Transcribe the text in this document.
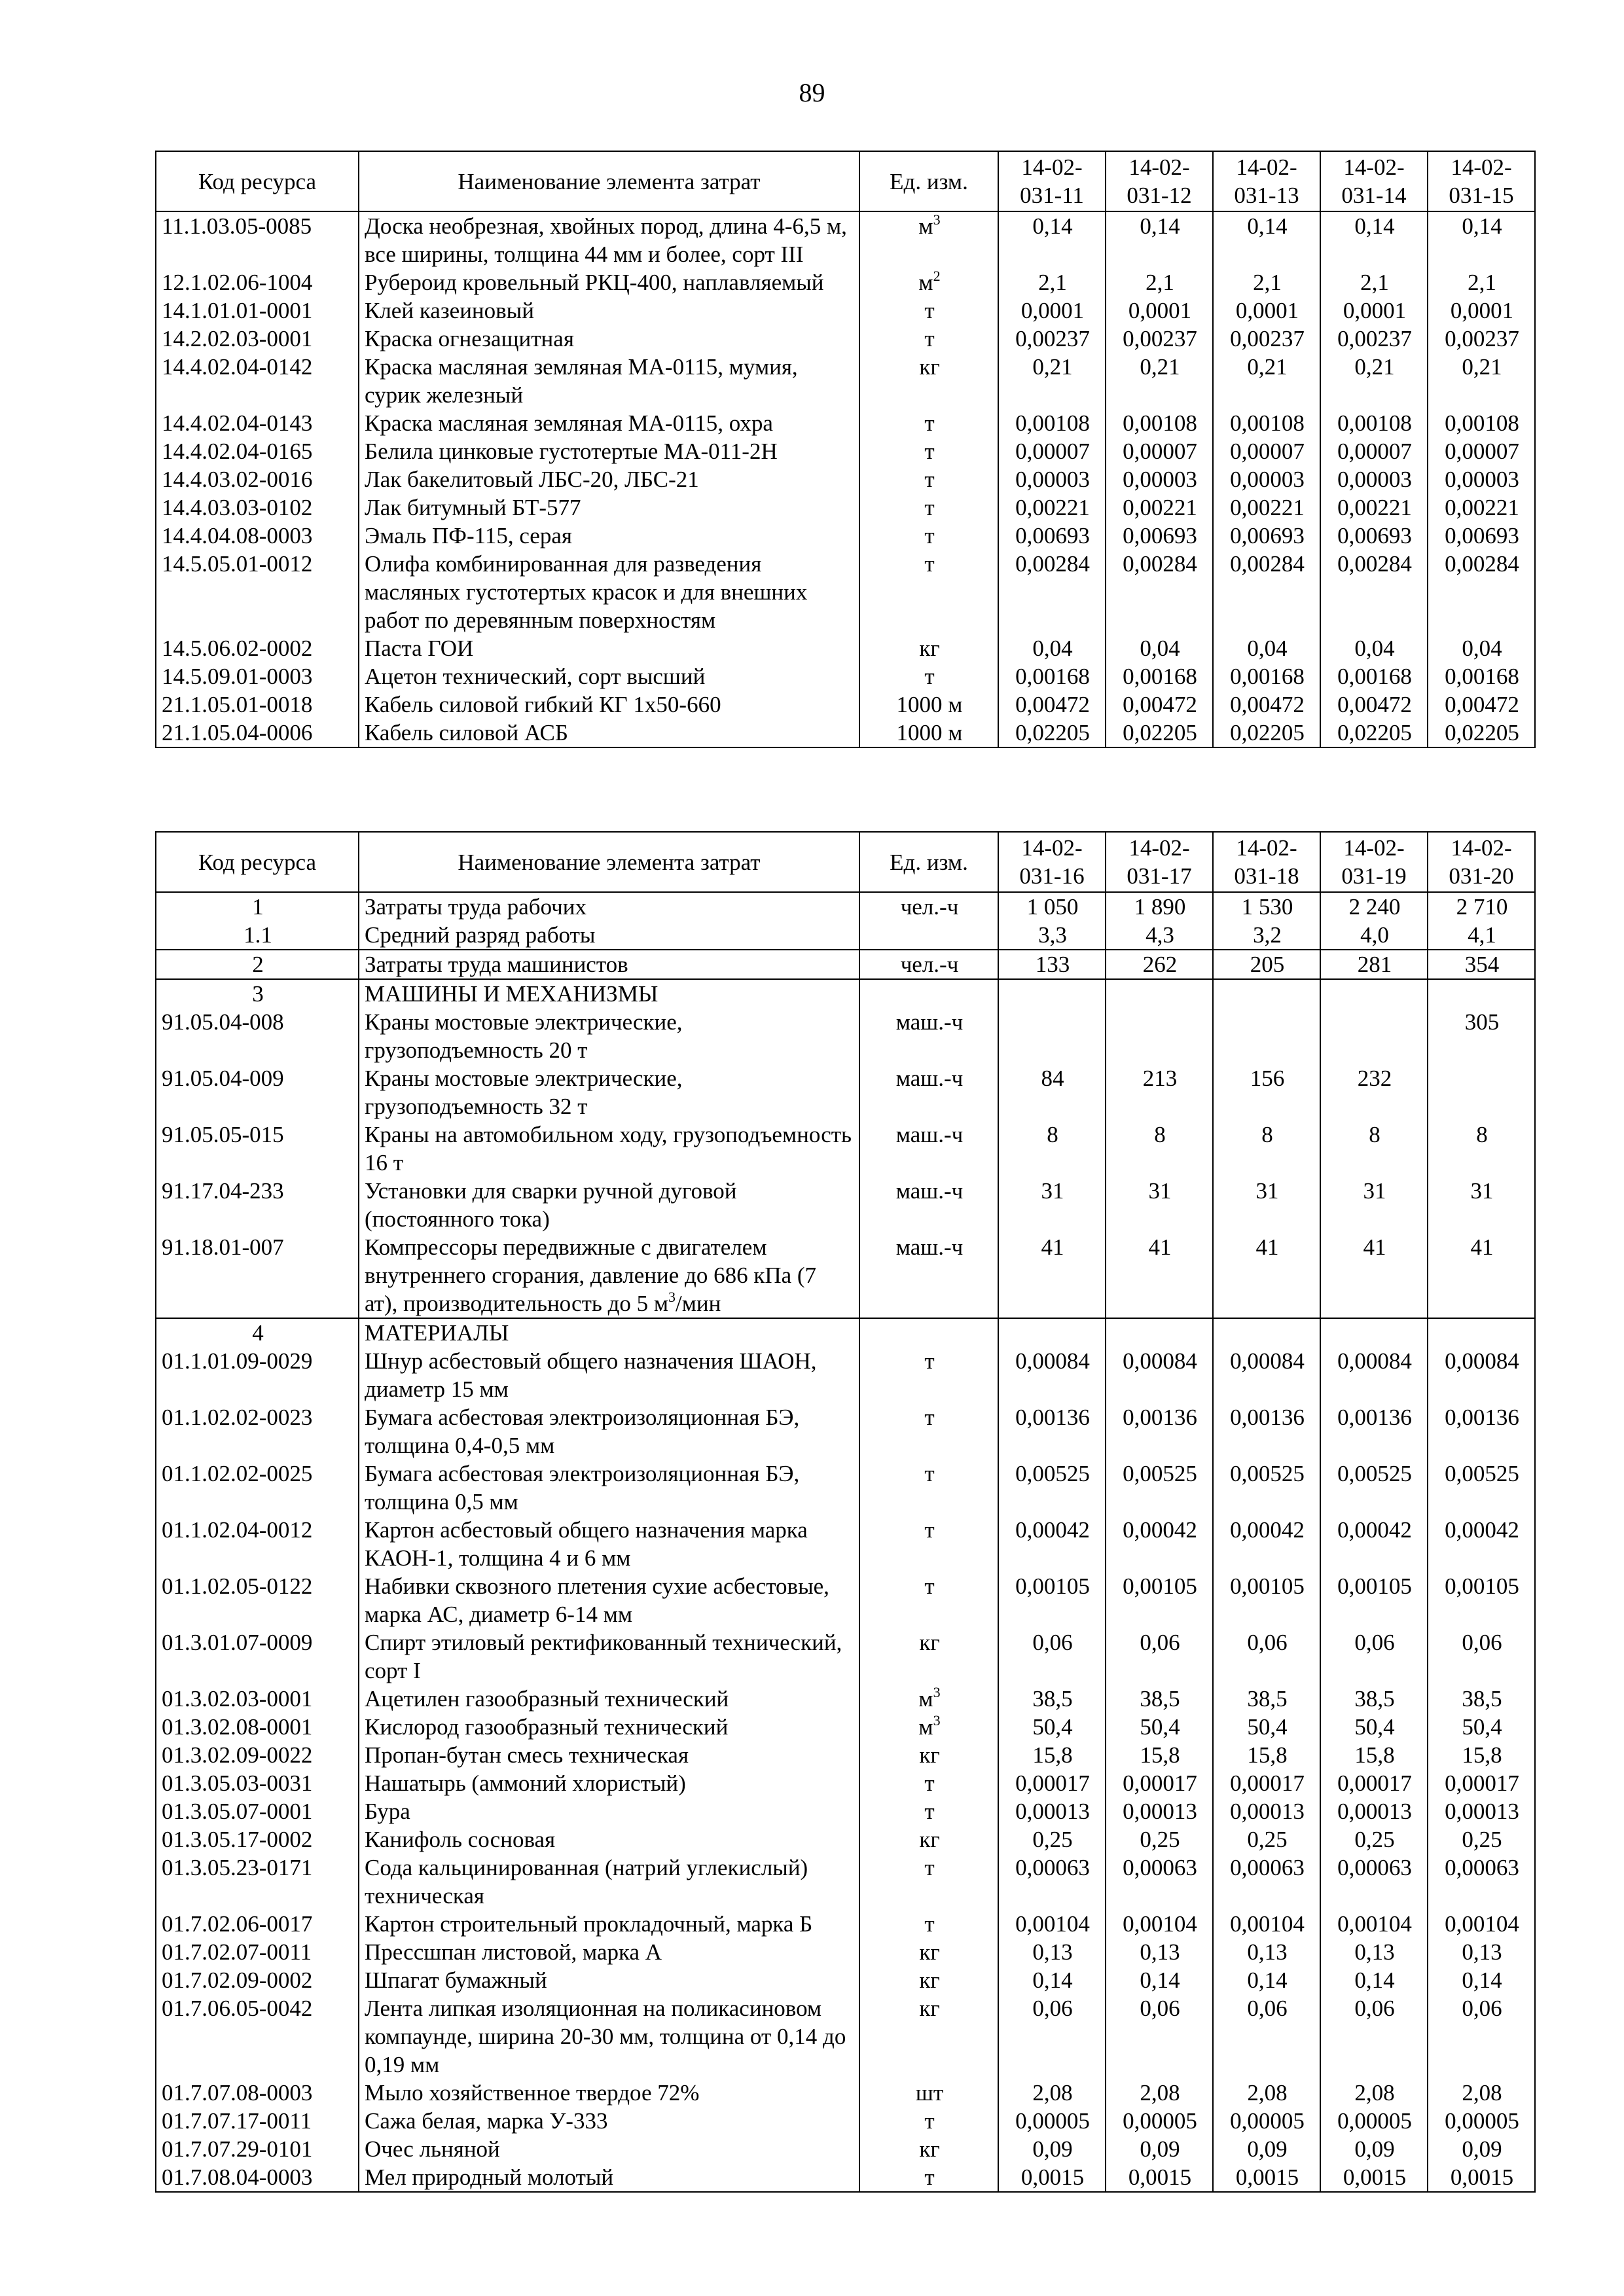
89
Код ресурса	Наименование элемента затрат	Ед. изм.	14-02-031-11	14-02-031-12	14-02-031-13	14-02-031-14	14-02-031-15
11.1.03.05-0085	Доска необрезная, хвойных пород, длина 4-6,5 м, все ширины, толщина 44 мм и более, сорт III	$м^3$	0,14	0,14	0,14	0,14	0,14
12.1.02.06-1004	Рубероид кровельный РКЦ-400, наплавляемый	$м^2$	2,1	2,1	2,1	2,1	2,1
14.1.01.01-0001	Клей казеиновый	т	0,0001	0,0001	0,0001	0,0001	0,0001
14.2.02.03-0001	Краска огнезащитная	т	0,00237	0,00237	0,00237	0,00237	0,00237
14.4.02.04-0142	Краска масляная земляная МА-0115, мумия, сурик железный	кг	0,21	0,21	0,21	0,21	0,21
14.4.02.04-0143	Краска масляная земляная МА-0115, охра	т	0,00108	0,00108	0,00108	0,00108	0,00108
14.4.02.04-0165	Белила цинковые густотертые МА-011-2Н	т	0,00007	0,00007	0,00007	0,00007	0,00007
14.4.03.02-0016	Лак бакелитовый ЛБС-20, ЛБС-21	т	0,00003	0,00003	0,00003	0,00003	0,00003
14.4.03.03-0102	Лак битумный БТ-577	т	0,00221	0,00221	0,00221	0,00221	0,00221
14.4.04.08-0003	Эмаль ПФ-115, серая	т	0,00693	0,00693	0,00693	0,00693	0,00693
14.5.05.01-0012	Олифа комбинированная для разведения масляных густотертых красок и для внешних работ по деревянным поверхностям	т	0,00284	0,00284	0,00284	0,00284	0,00284
14.5.06.02-0002	Паста ГОИ	кг	0,04	0,04	0,04	0,04	0,04
14.5.09.01-0003	Ацетон технический, сорт высший	т	0,00168	0,00168	0,00168	0,00168	0,00168
21.1.05.01-0018	Кабель силовой гибкий КГ 1х50-660	1000 м	0,00472	0,00472	0,00472	0,00472	0,00472
21.1.05.04-0006	Кабель силовой АСБ	1000 м	0,02205	0,02205	0,02205	0,02205	0,02205
Код ресурса	Наименование элемента затрат	Ед. изм.	14-02-031-16	14-02-031-17	14-02-031-18	14-02-031-19	14-02-031-20
1	Затраты труда рабочих	чел.-ч	1 050	1 890	1 530	2 240	2 710
1.1	Средний разряд работы		3,3	4,3	3,2	4,0	4,1
2	Затраты труда машинистов	чел.-ч	133	262	205	281	354
3	МАШИНЫ И МЕХАНИЗМЫ						
91.05.04-008	Краны мостовые электрические, грузоподъемность 20 т	маш.-ч					305
91.05.04-009	Краны мостовые электрические, грузоподъемность 32 т	маш.-ч	84	213	156	232	
91.05.05-015	Краны на автомобильном ходу, грузоподъемность 16 т	маш.-ч	8	8	8	8	8
91.17.04-233	Установки для сварки ручной дуговой (постоянного тока)	маш.-ч	31	31	31	31	31
91.18.01-007	Компрессоры передвижные с двигателем внутреннего сгорания, давление до 686 кПа (7 ат), производительность до 5 $м^3$/мин	маш.-ч	41	41	41	41	41
4	МАТЕРИАЛЫ						
01.1.01.09-0029	Шнур асбестовый общего назначения ШАОН, диаметр 15 мм	т	0,00084	0,00084	0,00084	0,00084	0,00084
01.1.02.02-0023	Бумага асбестовая электроизоляционная БЭ, толщина 0,4-0,5 мм	т	0,00136	0,00136	0,00136	0,00136	0,00136
01.1.02.02-0025	Бумага асбестовая электроизоляционная БЭ, толщина 0,5 мм	т	0,00525	0,00525	0,00525	0,00525	0,00525
01.1.02.04-0012	Картон асбестовый общего назначения марка КАОН-1, толщина 4 и 6 мм	т	0,00042	0,00042	0,00042	0,00042	0,00042
01.1.02.05-0122	Набивки сквозного плетения сухие асбестовые, марка АС, диаметр 6-14 мм	т	0,00105	0,00105	0,00105	0,00105	0,00105
01.3.01.07-0009	Спирт этиловый ректификованный технический, сорт I	кг	0,06	0,06	0,06	0,06	0,06
01.3.02.03-0001	Ацетилен газообразный технический	$м^3$	38,5	38,5	38,5	38,5	38,5
01.3.02.08-0001	Кислород газообразный технический	$м^3$	50,4	50,4	50,4	50,4	50,4
01.3.02.09-0022	Пропан-бутан смесь техническая	кг	15,8	15,8	15,8	15,8	15,8
01.3.05.03-0031	Нашатырь (аммоний хлористый)	т	0,00017	0,00017	0,00017	0,00017	0,00017
01.3.05.07-0001	Бура	т	0,00013	0,00013	0,00013	0,00013	0,00013
01.3.05.17-0002	Канифоль сосновая	кг	0,25	0,25	0,25	0,25	0,25
01.3.05.23-0171	Сода кальцинированная (натрий углекислый) техническая	т	0,00063	0,00063	0,00063	0,00063	0,00063
01.7.02.06-0017	Картон строительный прокладочный, марка Б	т	0,00104	0,00104	0,00104	0,00104	0,00104
01.7.02.07-0011	Прессшпан листовой, марка А	кг	0,13	0,13	0,13	0,13	0,13
01.7.02.09-0002	Шпагат бумажный	кг	0,14	0,14	0,14	0,14	0,14
01.7.06.05-0042	Лента липкая изоляционная на поликасиновом компаунде, ширина 20-30 мм, толщина от 0,14 до 0,19 мм	кг	0,06	0,06	0,06	0,06	0,06
01.7.07.08-0003	Мыло хозяйственное твердое 72%	шт	2,08	2,08	2,08	2,08	2,08
01.7.07.17-0011	Сажа белая, марка У-333	т	0,00005	0,00005	0,00005	0,00005	0,00005
01.7.07.29-0101	Очес льняной	кг	0,09	0,09	0,09	0,09	0,09
01.7.08.04-0003	Мел природный молотый	т	0,0015	0,0015	0,0015	0,0015	0,0015
